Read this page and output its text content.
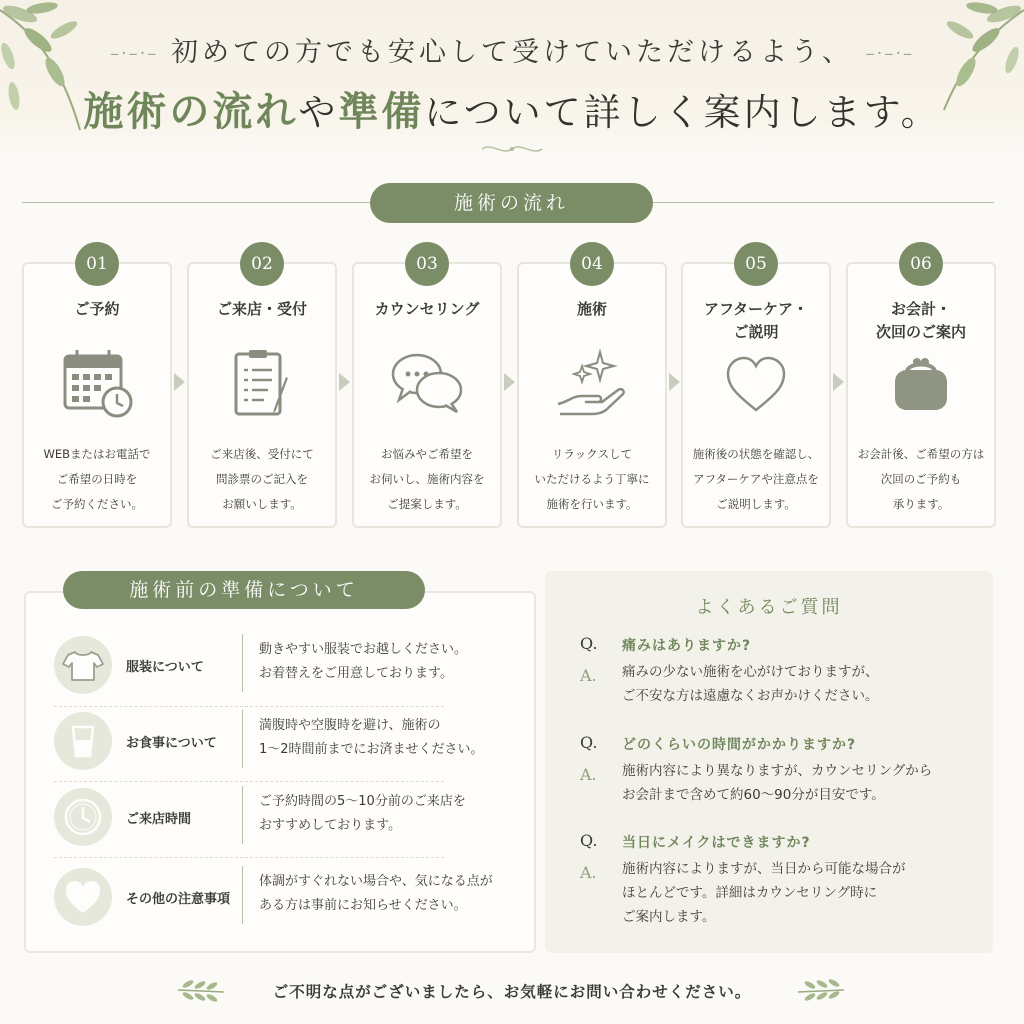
–·–·– 初めての方でも安心して受けていただけるよう、 –·–·–
施術の流れや準備について詳しく案内します。
施術の流れ
01
ご予約
WEBまたはお電話で
ご希望の日時を
ご予約ください。
02
ご来店・受付
ご来店後、受付にて
問診票のご記入を
お願いします。
03
カウンセリング
お悩みやご希望を
お伺いし、施術内容を
ご提案します。
04
施術
リラックスして
いただけるよう丁寧に
施術を行います。
05
アフターケア・
ご説明
施術後の状態を確認し、
アフターケアや注意点を
ご説明します。
06
お会計・
次回のご案内
お会計後、ご希望の方は
次回のご予約も
承ります。
施術前の準備について
服装について
動きやすい服装でお越しください。
お着替えをご用意しております。
お食事について
満腹時や空腹時を避け、施術の
1〜2時間前までにお済ませください。
ご来店時間
ご予約時間の5〜10分前のご来店を
おすすめしております。
その他の注意事項
体調がすぐれない場合や、気になる点が
ある方は事前にお知らせください。
よくあるご質問
Q. 痛みはありますか?
A. 痛みの少ない施術を心がけておりますが、
ご不安な方は遠慮なくお声かけください。
Q. どのくらいの時間がかかりますか?
A. 施術内容により異なりますが、カウンセリングから
お会計まで含めて約60〜90分が目安です。
Q. 当日にメイクはできますか?
A. 施術内容によりますが、当日から可能な場合が
ほとんどです。詳細はカウンセリング時に
ご案内します。
ご不明な点がございましたら、お気軽にお問い合わせください。
